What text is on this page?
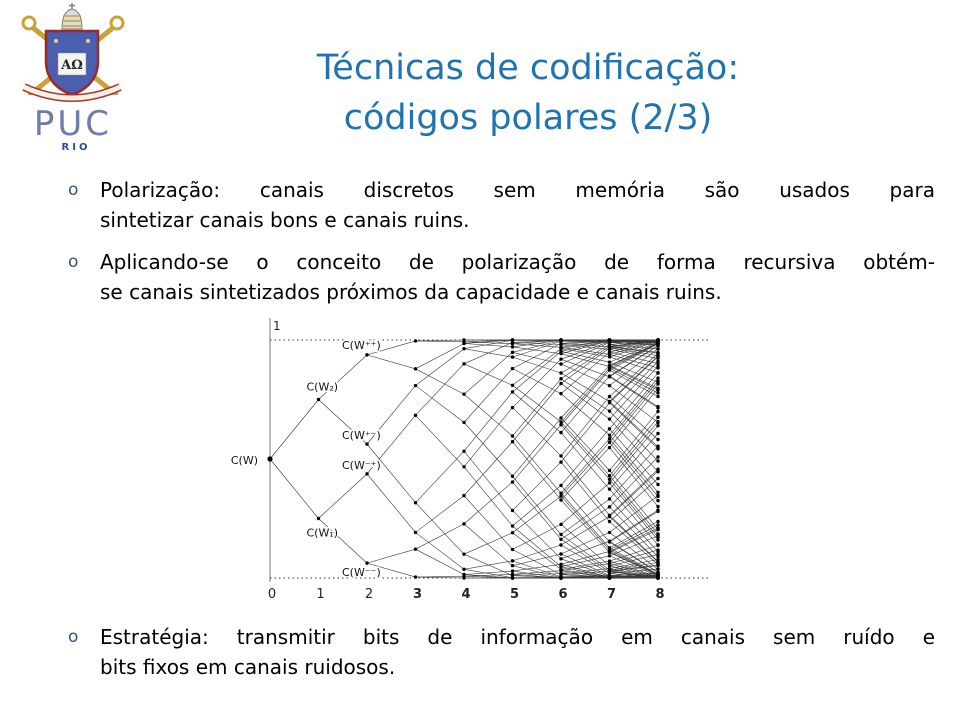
AΩ
PUC
RIO
Técnicas de codificação:
códigos polares (2/3)
o Polarização: canais discretos sem memória são usados para
sintetizar canais bons e canais ruins.
o Aplicando-se o conceito de polarização de forma recursiva obtém-
se canais sintetizados próximos da capacidade e canais ruins.
1
0	1	2	3	4	5	6	7	8
C(W)
C(W₂)
C(W₁)
C(W⁺⁺)
C(W⁺⁻)
C(W⁻⁺)
C(W⁻⁻)
o Estratégia: transmitir bits de informação em canais sem ruído e
bits fixos em canais ruidosos.
